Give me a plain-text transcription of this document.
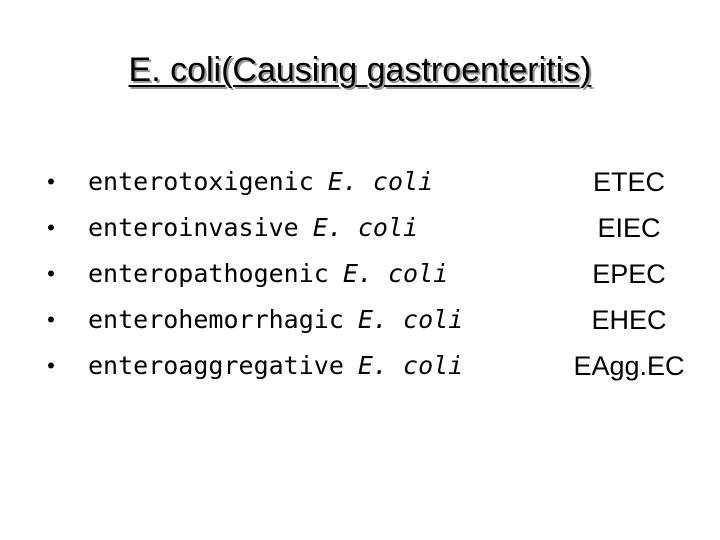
E. coli(Causing gastroenteritis)
• enterotoxigenic E. coli	ETEC
• enteroinvasive E. coli	EIEC
• enteropathogenic E. coli	EPEC
• enterohemorrhagic E. coli	EHEC
• enteroaggregative E. coli	EAgg.EC
